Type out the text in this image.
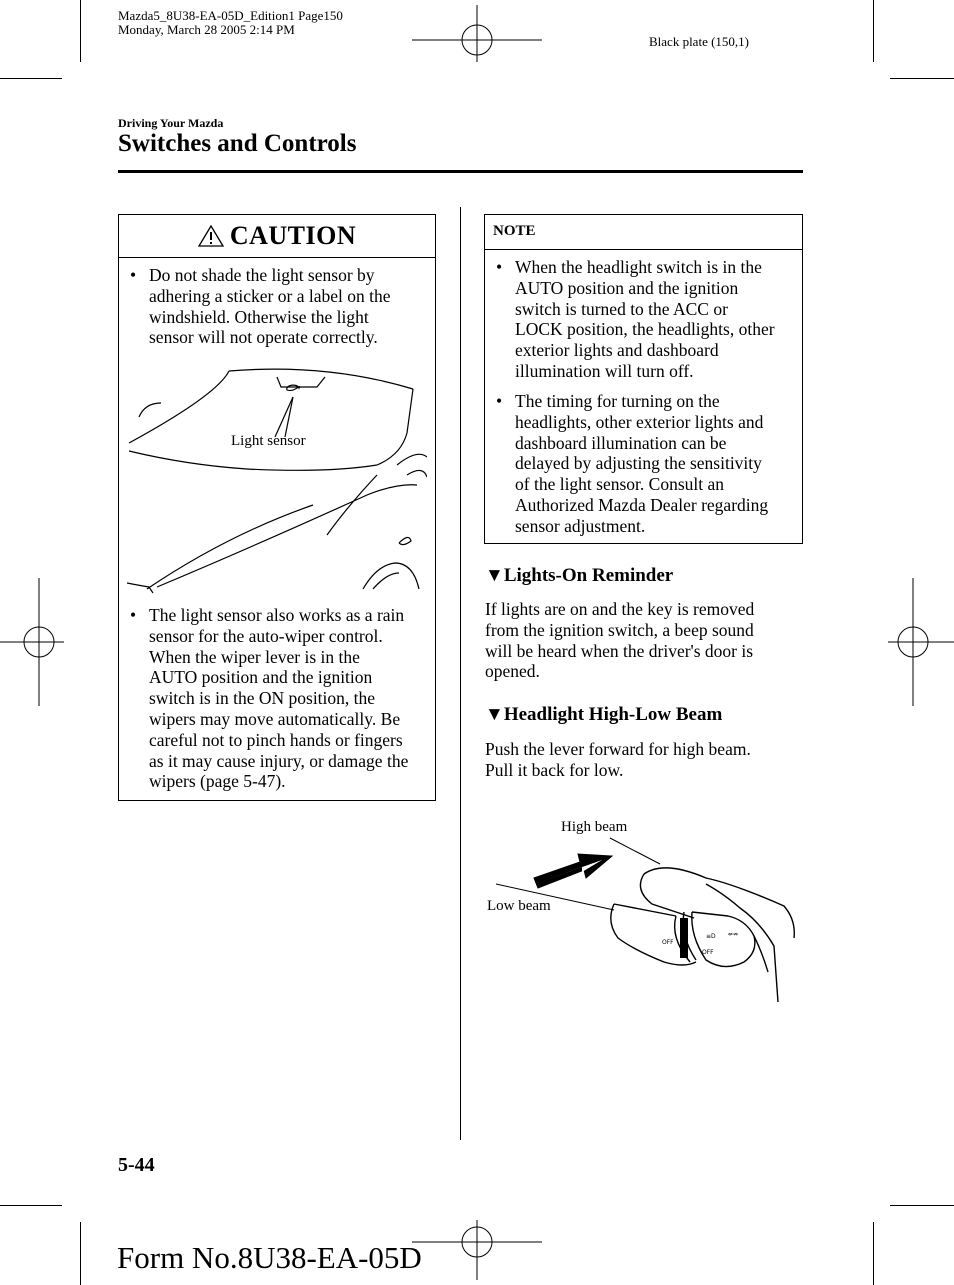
Mazda5_8U38-EA-05D_Edition1 Page150
Monday, March 28 2005 2:14 PM
Black plate (150,1)
Driving Your Mazda
Switches and Controls
CAUTION
• Do not shade the light sensor by
adhering a sticker or a label on the
windshield. Otherwise the light
sensor will not operate correctly.
Light sensor
• The light sensor also works as a rain
sensor for the auto-wiper control.
When the wiper lever is in the
AUTO position and the ignition
switch is in the ON position, the
wipers may move automatically. Be
careful not to pinch hands or fingers
as it may cause injury, or damage the
wipers (page 5-47).
NOTE
• When the headlight switch is in the
AUTO position and the ignition
switch is turned to the ACC or
LOCK position, the headlights, other
exterior lights and dashboard
illumination will turn off.
• The timing for turning on the
headlights, other exterior lights and
dashboard illumination can be
delayed by adjusting the sensitivity
of the light sensor. Consult an
Authorized Mazda Dealer regarding
sensor adjustment.
▼Lights-On Reminder
If lights are on and the key is removed
from the ignition switch, a beep sound
will be heard when the driver's door is
opened.
▼Headlight High-Low Beam
Push the lever forward for high beam.
Pull it back for low.
High beam
Low beam
OFF
OFF
≡D ⇍⇏
5-44
Form No.8U38-EA-05D
